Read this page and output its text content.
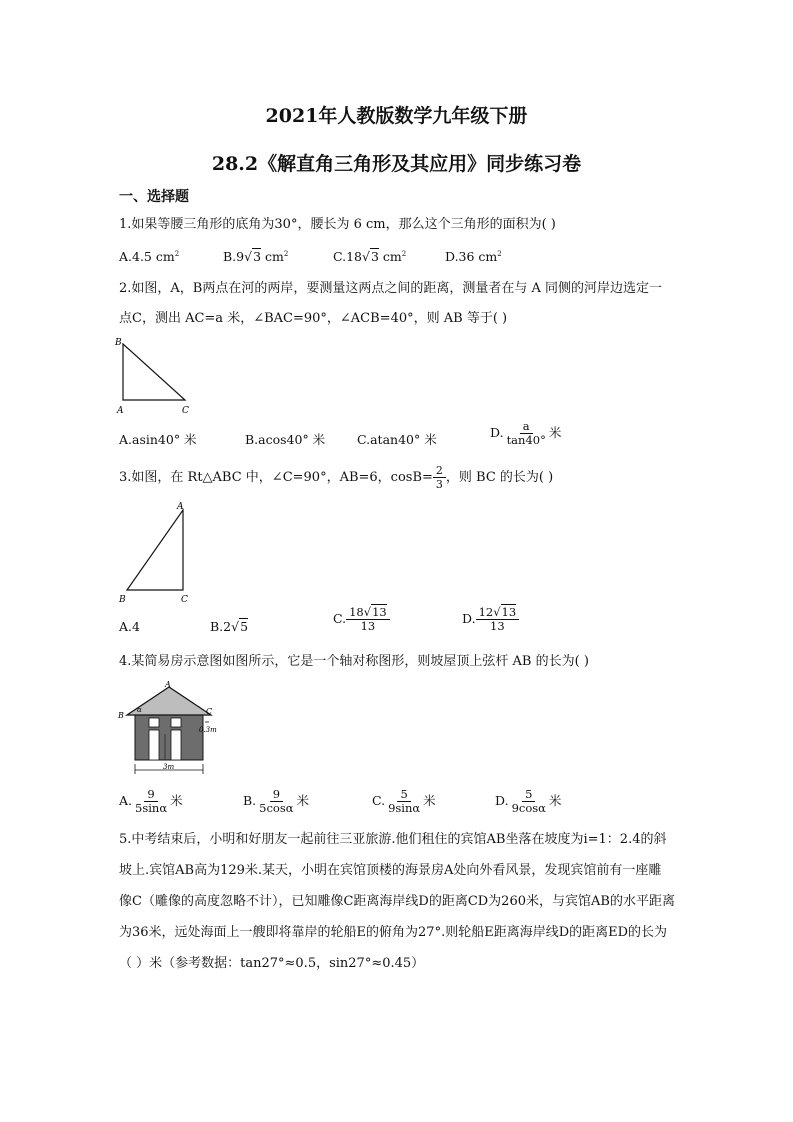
2021年人教版数学九年级下册
28.2《解直角三角形及其应用》同步练习卷
一、选择题
1.如果等腰三角形的底角为30°，腰长为 6 cm，那么这个三角形的面积为( )
A.4.5 $cm^2$	B.9√3 $cm^2$	C.18√3 $cm^2$	D.36 $cm^2$
2.如图，A，B两点在河的两岸，要测量这两点之间的距离，测量者在与 A 同侧的河岸边选定一
点C，测出 AC=a 米，∠BAC=90°，∠ACB=40°，则 AB 等于( )
B
A	C
A.asin40° 米	B.acos40° 米	C.atan40° 米	D. $\frac{a}{\tan 40^\circ}$ 米
3.如图，在 Rt△ABC 中，∠C=90°，AB=6，$\cos B= \frac{2}{3}$ ，则 BC 的长为( )
A
B	C
A.4	B.2√5
C. $\frac{18√13}{13}$	D. $\frac{12√13}{13}$
4.某简易房示意图如图所示，它是一个轴对称图形，则坡屋顶上弦杆 AB 的长为( )
A
B	C
α
0.3m
3m
A. $\frac{9}{5\sin\alpha}$ 米	B. $\frac{9}{5\cos\alpha}$ 米	C. $\frac{5}{9\sin\alpha}$ 米	D. $\frac{5}{9\cos\alpha}$ 米
5.中考结束后，小明和好朋友一起前往三亚旅游.他们租住的宾馆AB坐落在坡度为i=1：2.4的斜
坡上.宾馆AB高为129米.某天，小明在宾馆顶楼的海景房A处向外看风景，发现宾馆前有一座雕
像C（雕像的高度忽略不计），已知雕像C距离海岸线D的距离CD为260米，与宾馆AB的水平距离
为36米，远处海面上一艘即将靠岸的轮船E的俯角为27°.则轮船E距离海岸线D的距离ED的长为
（ ）米（参考数据：tan27°≈0.5，sin27°≈0.45）
